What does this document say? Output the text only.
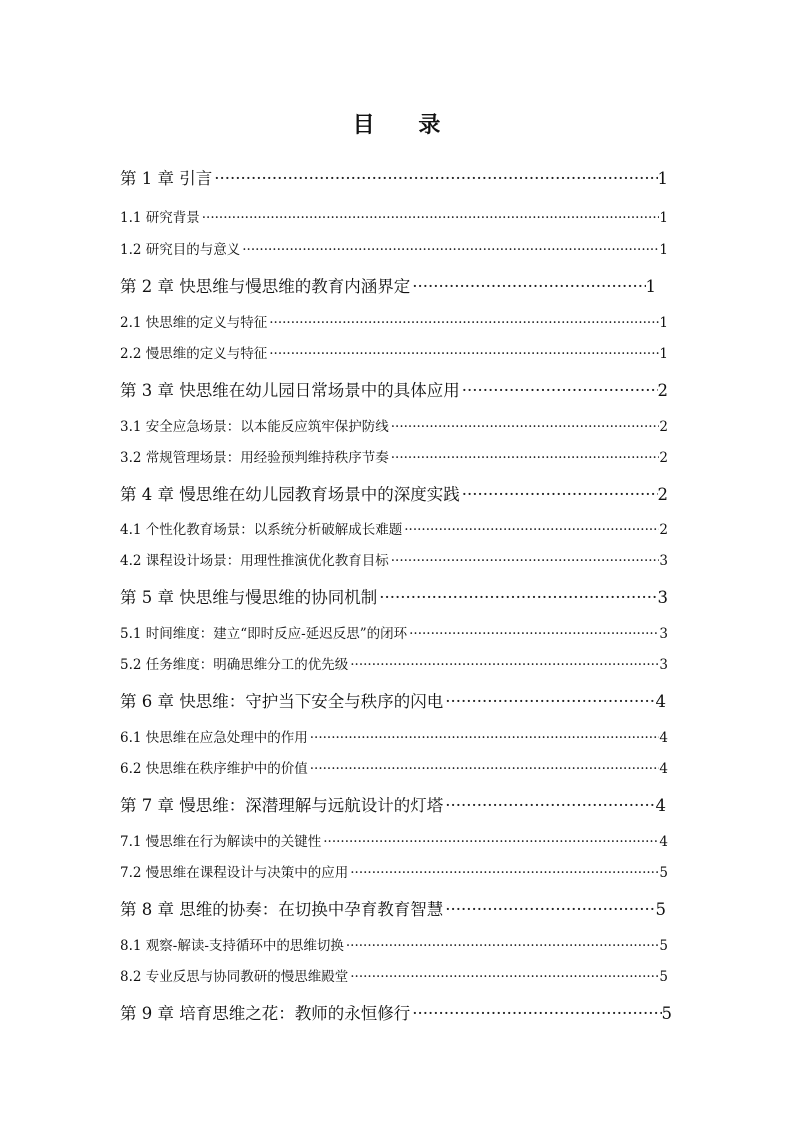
目 录
第 1 章 引言 ·····	1
1.1 研究背景 ·····	1
1.2 研究目的与意义 ·····	1
第 2 章 快思维与慢思维的教育内涵界定 ·····	1
2.1 快思维的定义与特征 ·····	1
2.2 慢思维的定义与特征 ·····	1
第 3 章 快思维在幼儿园日常场景中的具体应用 ·····	2
3.1 安全应急场景：以本能反应筑牢保护防线 ·····	2
3.2 常规管理场景：用经验预判维持秩序节奏 ·····	2
第 4 章 慢思维在幼儿园教育场景中的深度实践 ·····	2
4.1 个性化教育场景：以系统分析破解成长难题 ·····	2
4.2 课程设计场景：用理性推演优化教育目标 ·····	3
第 5 章 快思维与慢思维的协同机制 ·····	3
5.1 时间维度：建立“即时反应-延迟反思”的闭环 ·····	3
5.2 任务维度：明确思维分工的优先级 ·····	3
第 6 章 快思维：守护当下安全与秩序的闪电 ·····	4
6.1 快思维在应急处理中的作用 ·····	4
6.2 快思维在秩序维护中的价值 ·····	4
第 7 章 慢思维：深潜理解与远航设计的灯塔 ·····	4
7.1 慢思维在行为解读中的关键性 ·····	4
7.2 慢思维在课程设计与决策中的应用 ·····	5
第 8 章 思维的协奏：在切换中孕育教育智慧 ·····	5
8.1 观察-解读-支持循环中的思维切换 ·····	5
8.2 专业反思与协同教研的慢思维殿堂 ·····	5
第 9 章 培育思维之花：教师的永恒修行 ·····	5
